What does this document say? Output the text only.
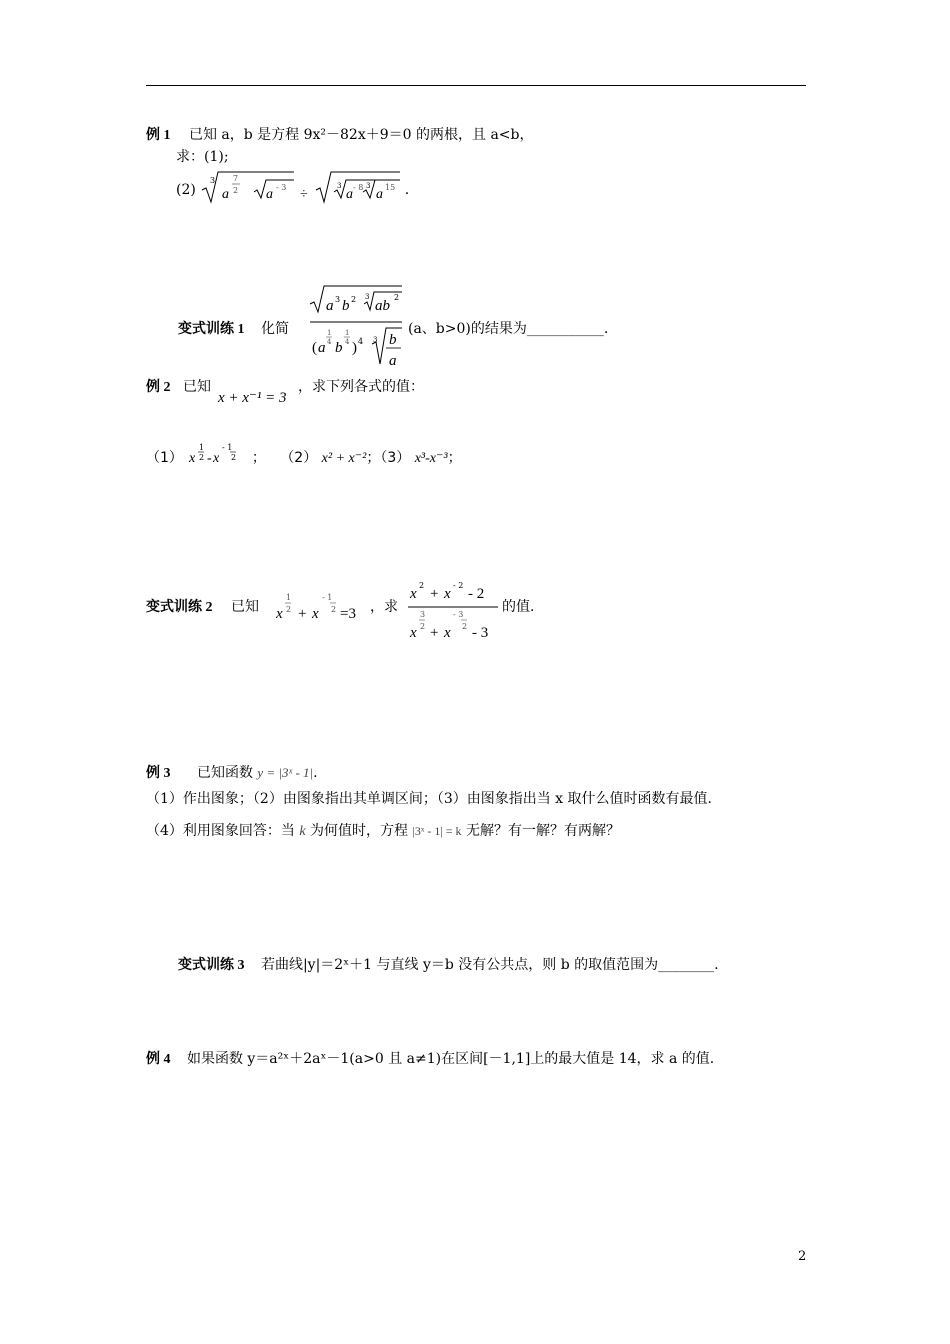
例 1 已知 a，b 是方程 9x²－82x＋9＝0 的两根，且 a<b，
求：(1);
(2)
3
a
7
2 a - 3 ÷
3
a - 8 3
a 15 .
变式训练 1 化简
a 3 b 2 3
ab
2
( a
1
4 b
1
4 ) 4 3 b
a
(a、b>0)的结果为___________.
例 2 已知
x + x⁻¹ = 3
，求下列各式的值：
（1） x
1
2 - x
- 1
2 ； （2） x² + x⁻²；（3） x³-x⁻³；
变式训练 2 已知 x
1
2 + x
- 1
2 =3 ，求
x
2
+ x
- 2
- 2
x
3
2 + x
- 3
2 - 3
的值.
例 3 已知函数 y = |3ˣ - 1|.
（1）作出图象；（2）由图象指出其单调区间；（3）由图象指出当 x 取什么值时函数有最值.
（4）利用图象回答：当 k 为何值时，方程 |3ˣ - 1| = k 无解？有一解？有两解？
变式训练 3 若曲线|y|＝2ˣ＋1 与直线 y＝b 没有公共点，则 b 的取值范围为________.
例 4 如果函数 y＝a²ˣ＋2aˣ－1(a>0 且 a≠1)在区间[－1,1]上的最大值是 14，求 a 的值.
2
